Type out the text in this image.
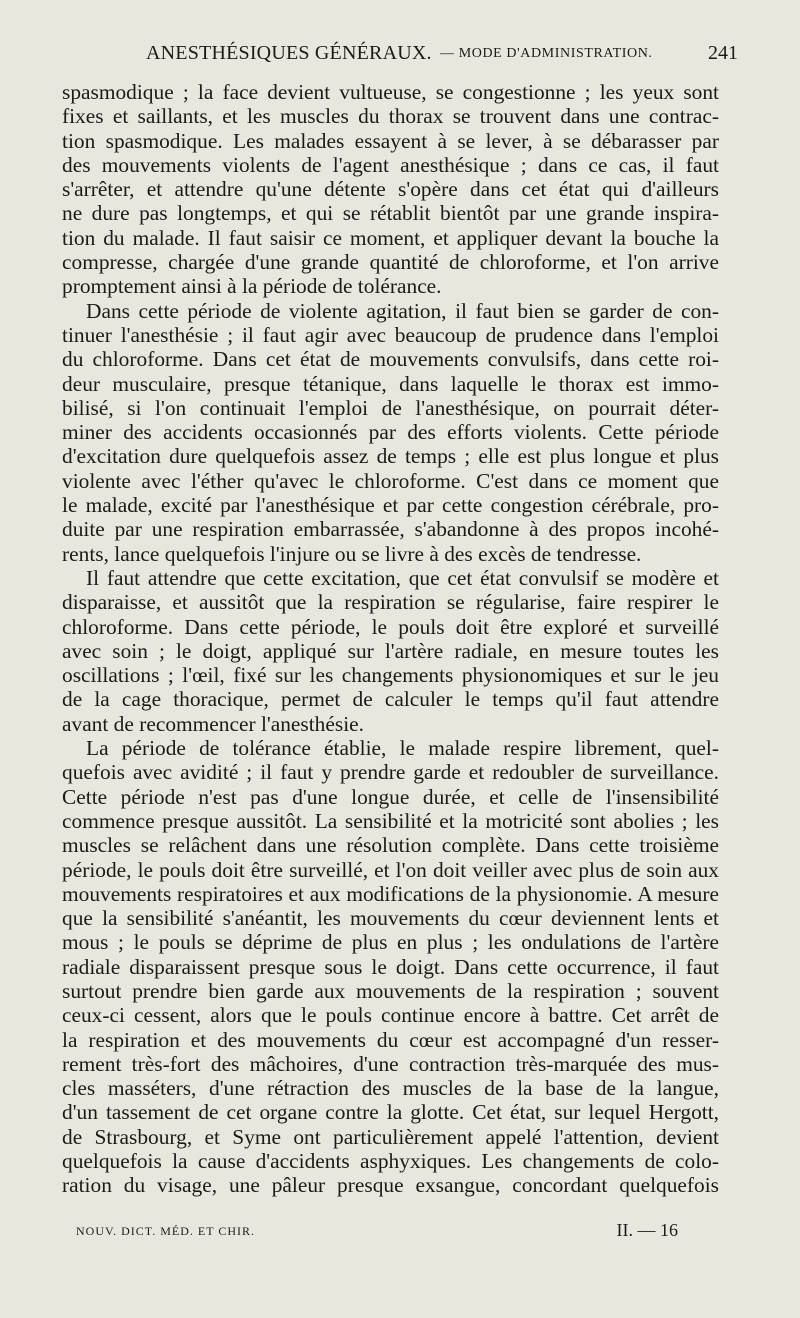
ANESTHÉSIQUES GÉNÉRAUX. — MODE D'ADMINISTRATION.	241

spasmodique ; la face devient vultueuse, se congestionne ; les yeux sont

fixes et saillants, et les muscles du thorax se trouvent dans une contrac-

tion spasmodique. Les malades essayent à se lever, à se débarasser par

des mouvements violents de l'agent anesthésique ; dans ce cas, il faut

s'arrêter, et attendre qu'une détente s'opère dans cet état qui d'ailleurs

ne dure pas longtemps, et qui se rétablit bientôt par une grande inspira-

tion du malade. Il faut saisir ce moment, et appliquer devant la bouche la

compresse, chargée d'une grande quantité de chloroforme, et l'on arrive

promptement ainsi à la période de tolérance.

Dans cette période de violente agitation, il faut bien se garder de con-

tinuer l'anesthésie ; il faut agir avec beaucoup de prudence dans l'emploi

du chloroforme. Dans cet état de mouvements convulsifs, dans cette roi-

deur musculaire, presque tétanique, dans laquelle le thorax est immo-

bilisé, si l'on continuait l'emploi de l'anesthésique, on pourrait déter-

miner des accidents occasionnés par des efforts violents. Cette période

d'excitation dure quelquefois assez de temps ; elle est plus longue et plus

violente avec l'éther qu'avec le chloroforme. C'est dans ce moment que

le malade, excité par l'anesthésique et par cette congestion cérébrale, pro-

duite par une respiration embarrassée, s'abandonne à des propos incohé-

rents, lance quelquefois l'injure ou se livre à des excès de tendresse.

Il faut attendre que cette excitation, que cet état convulsif se modère et

disparaisse, et aussitôt que la respiration se régularise, faire respirer le

chloroforme. Dans cette période, le pouls doit être exploré et surveillé

avec soin ; le doigt, appliqué sur l'artère radiale, en mesure toutes les

oscillations ; l'œil, fixé sur les changements physionomiques et sur le jeu

de la cage thoracique, permet de calculer le temps qu'il faut attendre

avant de recommencer l'anesthésie.

La période de tolérance établie, le malade respire librement, quel-

quefois avec avidité ; il faut y prendre garde et redoubler de surveillance.

Cette période n'est pas d'une longue durée, et celle de l'insensibilité

commence presque aussitôt. La sensibilité et la motricité sont abolies ; les

muscles se relâchent dans une résolution complète. Dans cette troisième

période, le pouls doit être surveillé, et l'on doit veiller avec plus de soin aux

mouvements respiratoires et aux modifications de la physionomie. A mesure

que la sensibilité s'anéantit, les mouvements du cœur deviennent lents et

mous ; le pouls se déprime de plus en plus ; les ondulations de l'artère

radiale disparaissent presque sous le doigt. Dans cette occurrence, il faut

surtout prendre bien garde aux mouvements de la respiration ; souvent

ceux-ci cessent, alors que le pouls continue encore à battre. Cet arrêt de

la respiration et des mouvements du cœur est accompagné d'un resser-

rement très-fort des mâchoires, d'une contraction très-marquée des mus-

cles masséters, d'une rétraction des muscles de la base de la langue,

d'un tassement de cet organe contre la glotte. Cet état, sur lequel Hergott,

de Strasbourg, et Syme ont particulièrement appelé l'attention, devient

quelquefois la cause d'accidents asphyxiques. Les changements de colo-

ration du visage, une pâleur presque exsangue, concordant quelquefois

NOUV. DICT. MÉD. ET CHIR.	II. — 16
